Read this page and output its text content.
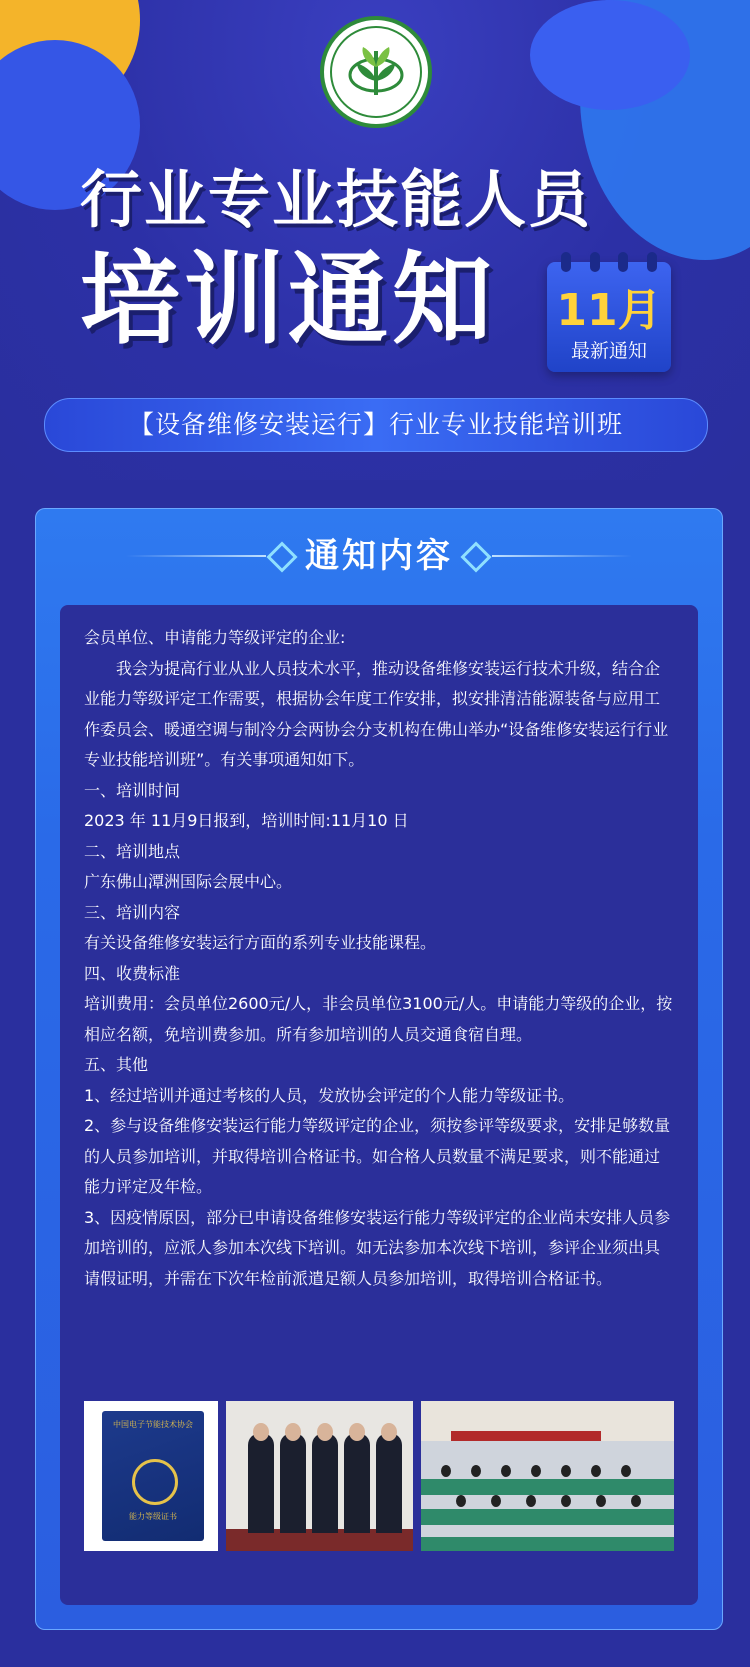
行业专业技能人员
培训通知	11月
最新通知
【设备维修安装运行】行业专业技能培训班
通知内容

会员单位、申请能力等级评定的企业:

我会为提高行业从业人员技术水平，推动设备维修安装运行技术升级，结合企业能力等级评定工作需要，根据协会年度工作安排，拟安排清洁能源装备与应用工作委员会、暖通空调与制冷分会两协会分支机构在佛山举办“设备维修安装运行行业专业技能培训班”。有关事项通知如下。

一、培训时间

2023 年 11月9日报到，培训时间:11月10 日

二、培训地点

广东佛山潭洲国际会展中心。

三、培训内容

有关设备维修安装运行方面的系列专业技能课程。

四、收费标准

培训费用：会员单位2600元/人，非会员单位3100元/人。申请能力等级的企业，按相应名额，免培训费参加。所有参加培训的人员交通食宿自理。

五、其他

1、经过培训并通过考核的人员，发放协会评定的个人能力等级证书。

2、参与设备维修安装运行能力等级评定的企业，须按参评等级要求，安排足够数量的人员参加培训，并取得培训合格证书。如合格人员数量不满足要求，则不能通过能力评定及年检。

3、因疫情原因，部分已申请设备维修安装运行能力等级评定的企业尚未安排人员参加培训的，应派人参加本次线下培训。如无法参加本次线下培训，参评企业须出具请假证明，并需在下次年检前派遣足额人员参加培训，取得培训合格证书。

中国电子节能技术协会
能力等级证书
